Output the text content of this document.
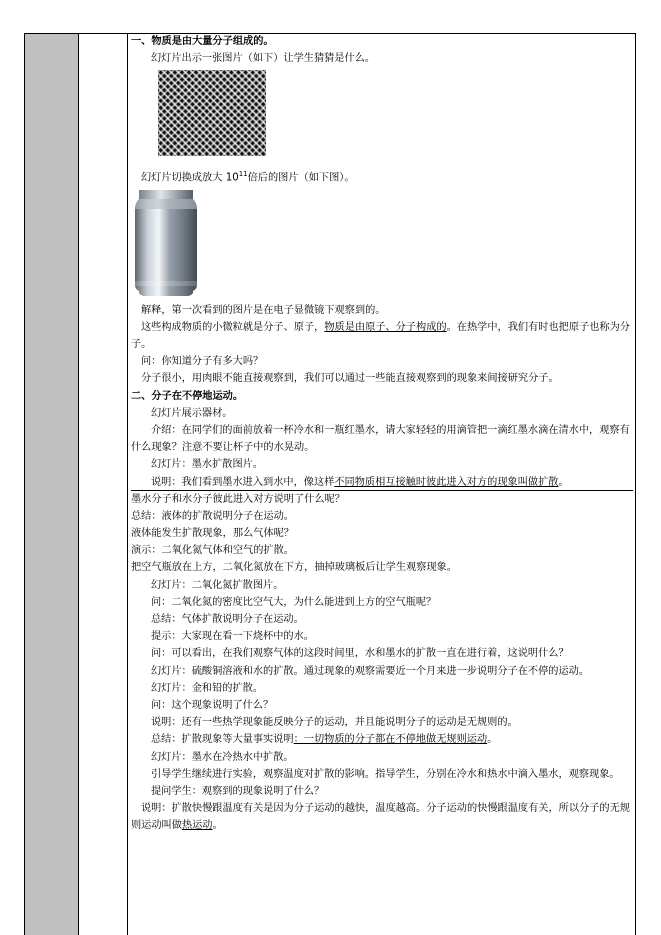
一、物质是由大量分子组成的。
幻灯片出示一张图片（如下）让学生猜猜是什么。
幻灯片切换成放大 $10^{11}$倍后的图片（如下图）。
解释，第一次看到的图片是在电子显微镜下观察到的。
这些构成物质的小微粒就是分子、原子，物质是由原子、分子构成的。在热学中，我们有时也把原子也称为分子。
问：你知道分子有多大吗？
分子很小，用肉眼不能直接观察到，我们可以通过一些能直接观察到的现象来间接研究分子。
二、分子在不停地运动。
幻灯片展示器材。
介绍：在同学们的面前放着一杯冷水和一瓶红墨水，请大家轻轻的用滴管把一滴红墨水滴在清水中，观察有什么现象？注意不要让杯子中的水晃动。
幻灯片：墨水扩散图片。
说明：我们看到墨水进入到水中，像这样不同物质相互接触时彼此进入对方的现象叫做扩散。
墨水分子和水分子彼此进入对方说明了什么呢？
总结：液体的扩散说明分子在运动。
液体能发生扩散现象，那么气体呢？
演示：二氧化氮气体和空气的扩散。
把空气瓶放在上方，二氧化氮放在下方，抽掉玻璃板后让学生观察现象。
幻灯片：二氧化氮扩散图片。
问：二氧化氮的密度比空气大，为什么能进到上方的空气瓶呢？
总结：气体扩散说明分子在运动。
提示：大家现在看一下烧杯中的水。
问：可以看出，在我们观察气体的这段时间里，水和墨水的扩散一直在进行着，这说明什么？
幻灯片：硫酸铜溶液和水的扩散。通过现象的观察需要近一个月来进一步说明分子在不停的运动。
幻灯片：金和铅的扩散。
问：这个现象说明了什么？
说明：还有一些热学现象能反映分子的运动，并且能说明分子的运动是无规则的。
总结：扩散现象等大量事实说明：一切物质的分子都在不停地做无规则运动。
幻灯片：墨水在冷热水中扩散。
引导学生继续进行实验，观察温度对扩散的影响。指导学生，分别在冷水和热水中滴入墨水，观察现象。
提问学生：观察到的现象说明了什么？
说明：扩散快慢跟温度有关是因为分子运动的越快，温度越高。分子运动的快慢跟温度有关，所以分子的无规则运动叫做热运动。
